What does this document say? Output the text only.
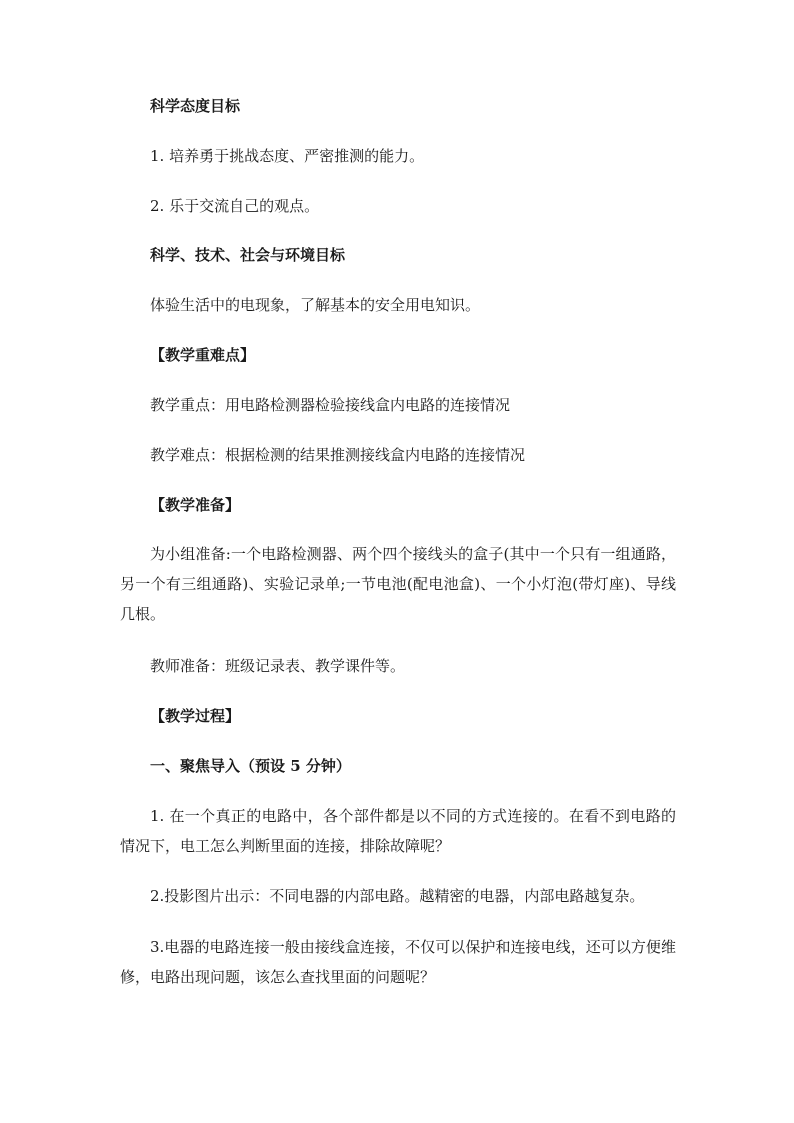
科学态度目标
1. 培养勇于挑战态度、严密推测的能力。
2. 乐于交流自己的观点。
科学、技术、社会与环境目标
体验生活中的电现象，了解基本的安全用电知识。
【教学重难点】
教学重点：用电路检测器检验接线盒内电路的连接情况
教学难点：根据检测的结果推测接线盒内电路的连接情况
【教学准备】
为小组准备:一个电路检测器、两个四个接线头的盒子(其中一个只有一组通路，另一个有三组通路)、实验记录单;一节电池(配电池盒)、一个小灯泡(带灯座)、导线几根。
教师准备：班级记录表、教学课件等。
【教学过程】
一、聚焦导入（预设 5 分钟）
1. 在一个真正的电路中，各个部件都是以不同的方式连接的。在看不到电路的情况下，电工怎么判断里面的连接，排除故障呢？
2.投影图片出示：不同电器的内部电路。越精密的电器，内部电路越复杂。
3.电器的电路连接一般由接线盒连接，不仅可以保护和连接电线，还可以方便维修，电路出现问题，该怎么查找里面的问题呢？
